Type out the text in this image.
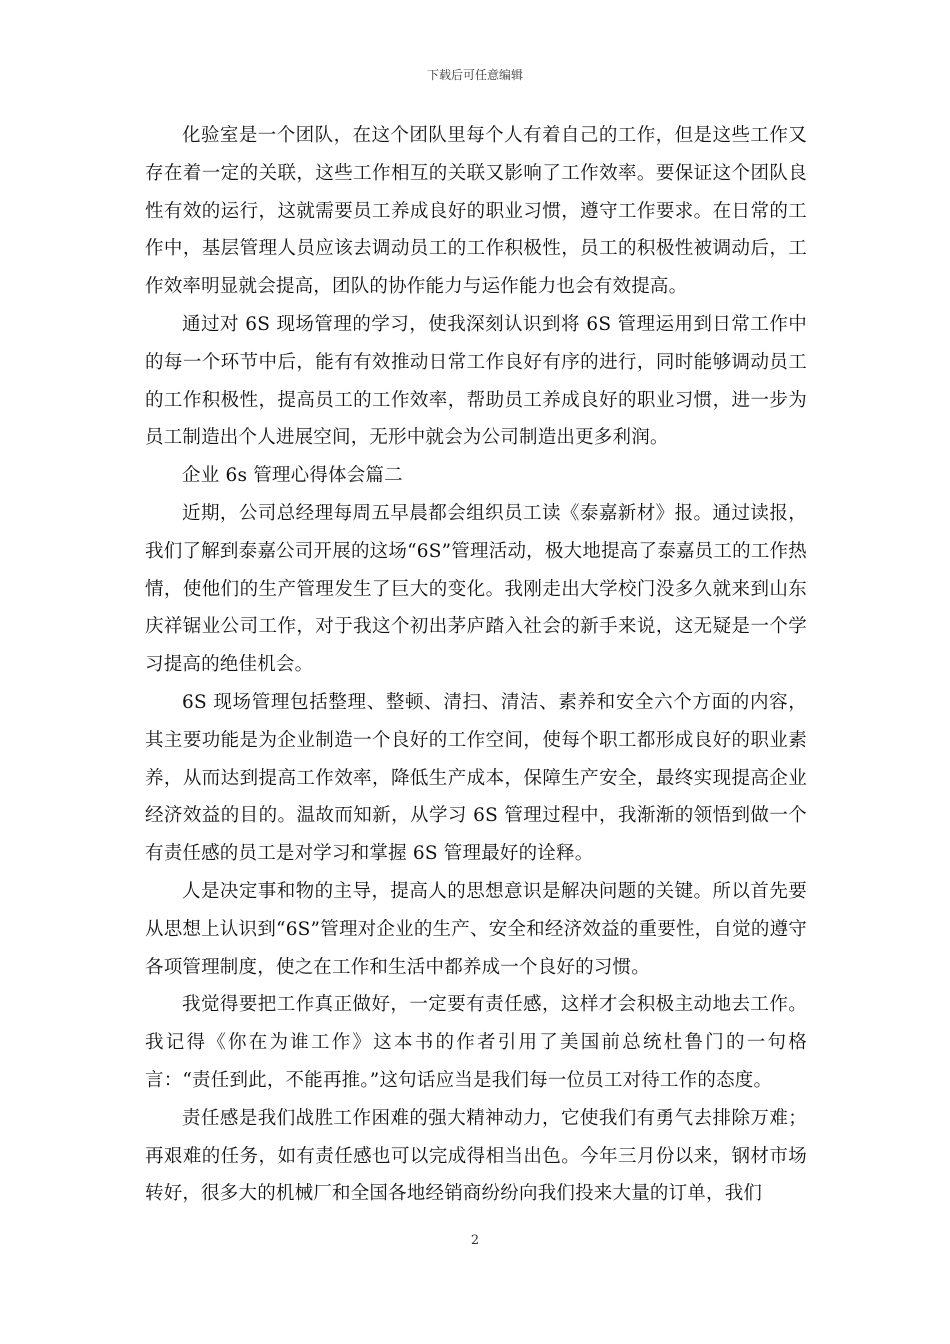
下载后可任意编辑

化验室是一个团队，在这个团队里每个人有着自己的工作，但是这些工作又存在着一定的关联，这些工作相互的关联又影响了工作效率。要保证这个团队良性有效的运行，这就需要员工养成良好的职业习惯，遵守工作要求。在日常的工作中，基层管理人员应该去调动员工的工作积极性，员工的积极性被调动后，工作效率明显就会提高，团队的协作能力与运作能力也会有效提高。

通过对 6S 现场管理的学习，使我深刻认识到将 6S 管理运用到日常工作中的每一个环节中后，能有有效推动日常工作良好有序的进行，同时能够调动员工的工作积极性，提高员工的工作效率，帮助员工养成良好的职业习惯，进一步为员工制造出个人进展空间，无形中就会为公司制造出更多利润。

企业 6s 管理心得体会篇二

近期，公司总经理每周五早晨都会组织员工读《泰嘉新材》报。通过读报，我们了解到泰嘉公司开展的这场“6S”管理活动，极大地提高了泰嘉员工的工作热情，使他们的生产管理发生了巨大的变化。我刚走出大学校门没多久就来到山东庆祥锯业公司工作，对于我这个初出茅庐踏入社会的新手来说，这无疑是一个学习提高的绝佳机会。

6S 现场管理包括整理、整顿、清扫、清洁、素养和安全六个方面的内容，其主要功能是为企业制造一个良好的工作空间，使每个职工都形成良好的职业素养，从而达到提高工作效率，降低生产成本，保障生产安全，最终实现提高企业经济效益的目的。温故而知新，从学习 6S 管理过程中，我渐渐的领悟到做一个有责任感的员工是对学习和掌握 6S 管理最好的诠释。

人是决定事和物的主导，提高人的思想意识是解决问题的关键。所以首先要从思想上认识到“6S”管理对企业的生产、安全和经济效益的重要性，自觉的遵守各项管理制度，使之在工作和生活中都养成一个良好的习惯。

我觉得要把工作真正做好，一定要有责任感，这样才会积极主动地去工作。我记得《你在为谁工作》这本书的作者引用了美国前总统杜鲁门的一句格言：“责任到此，不能再推。”这句话应当是我们每一位员工对待工作的态度。

责任感是我们战胜工作困难的强大精神动力，它使我们有勇气去排除万难；再艰难的任务，如有责任感也可以完成得相当出色。今年三月份以来，钢材市场转好，很多大的机械厂和全国各地经销商纷纷向我们投来大量的订单，我们

2
